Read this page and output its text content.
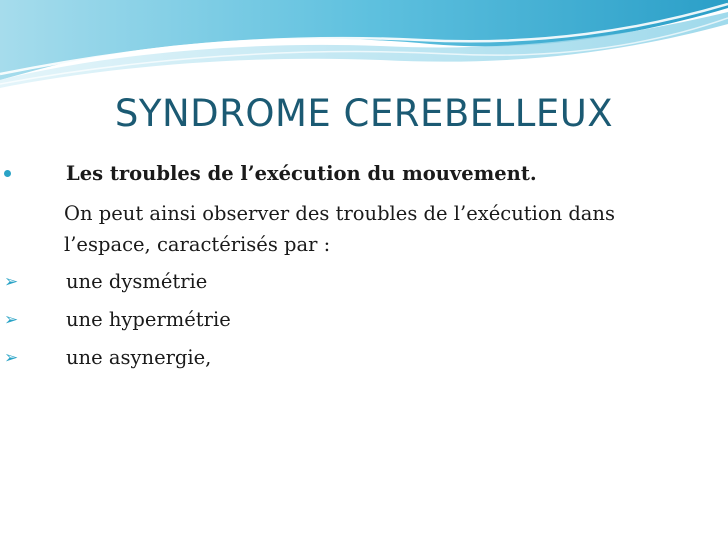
SYNDROME CEREBELLEUX
Les troubles de l’exécution du mouvement.
On peut ainsi observer des troubles de l’exécution dans
l’espace, caractérisés par :
➢ une dysmétrie
➢ une hypermétrie
➢ une asynergie,
